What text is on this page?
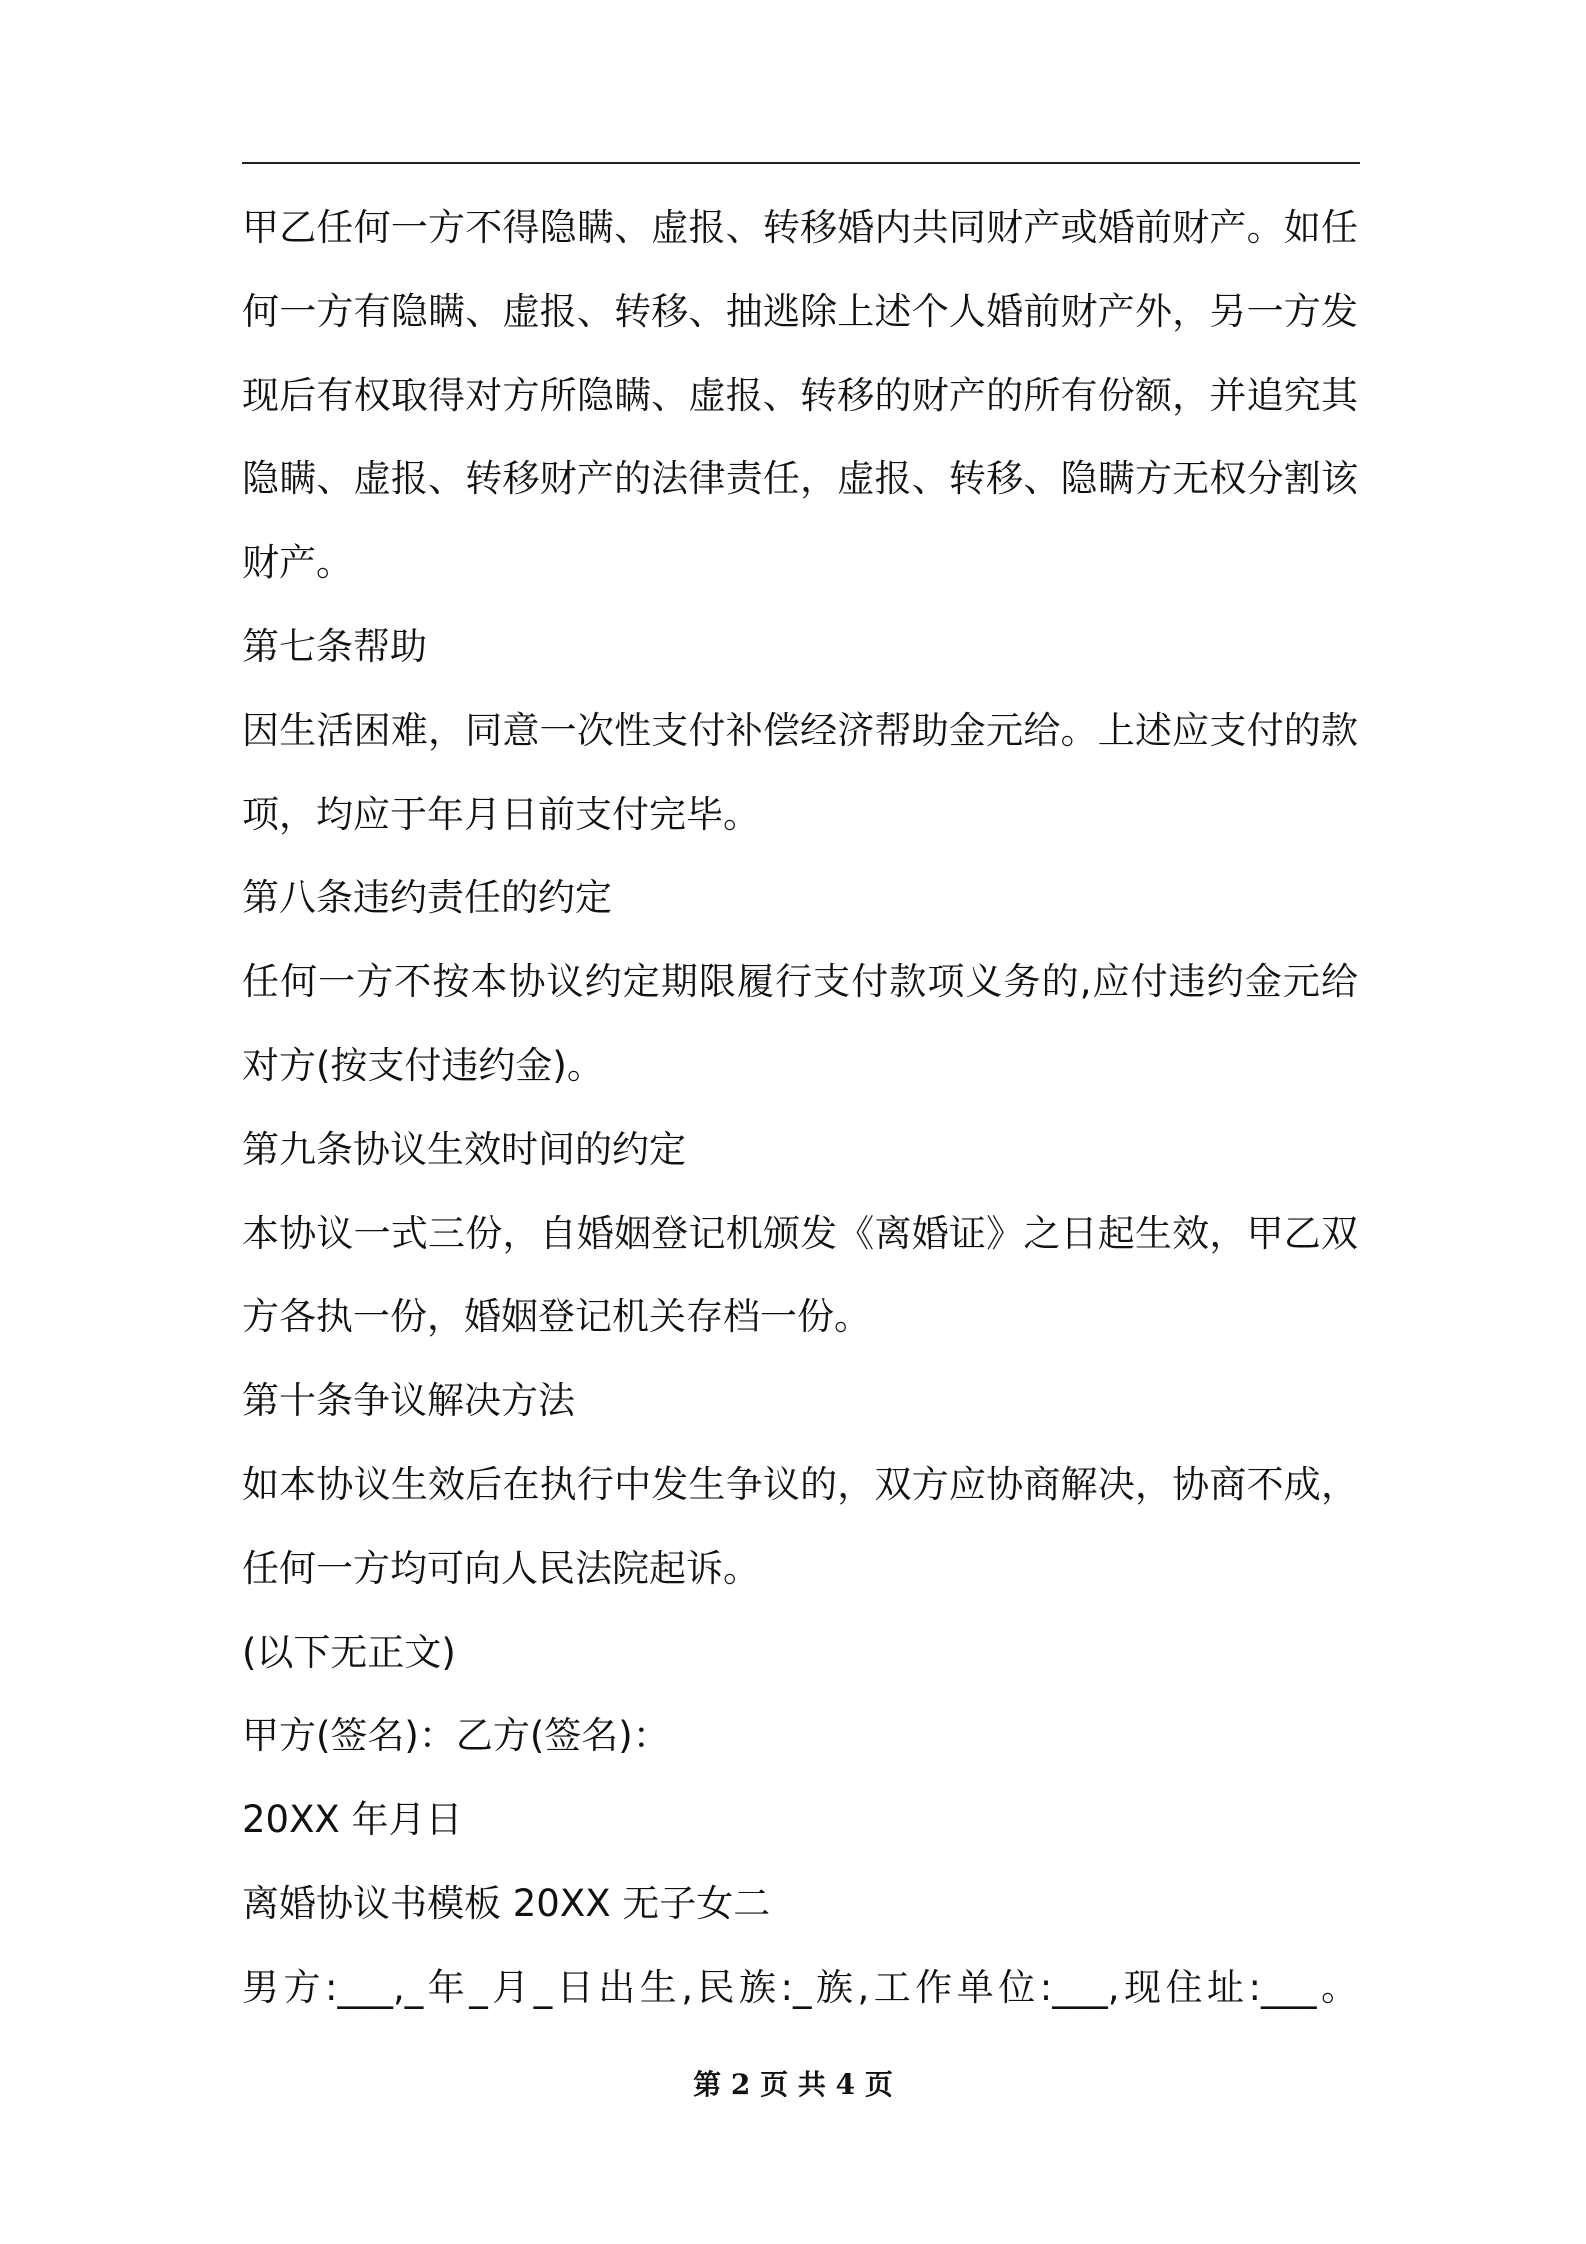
甲乙任何一方不得隐瞒、虚报、转移婚内共同财产或婚前财产。如任
何一方有隐瞒、虚报、转移、抽逃除上述个人婚前财产外，另一方发
现后有权取得对方所隐瞒、虚报、转移的财产的所有份额，并追究其
隐瞒、虚报、转移财产的法律责任，虚报、转移、隐瞒方无权分割该
财产。
第七条帮助
因生活困难，同意一次性支付补偿经济帮助金元给。上述应支付的款
项，均应于年月日前支付完毕。
第八条违约责任的约定
任何一方不按本协议约定期限履行支付款项义务的,应付违约金元给
对方(按支付违约金)。
第九条协议生效时间的约定
本协议一式三份，自婚姻登记机颁发《离婚证》之日起生效，甲乙双
方各执一份，婚姻登记机关存档一份。
第十条争议解决方法
如本协议生效后在执行中发生争议的，双方应协商解决，协商不成，
任何一方均可向人民法院起诉。
(以下无正文)
甲方(签名)：乙方(签名)：
20XX 年月日
离婚协议书模板 20XX 无子女二
男方:___,_年_月_日出生,民族:_族,工作单位:___,现住址:___。
第 2 页 共 4 页
